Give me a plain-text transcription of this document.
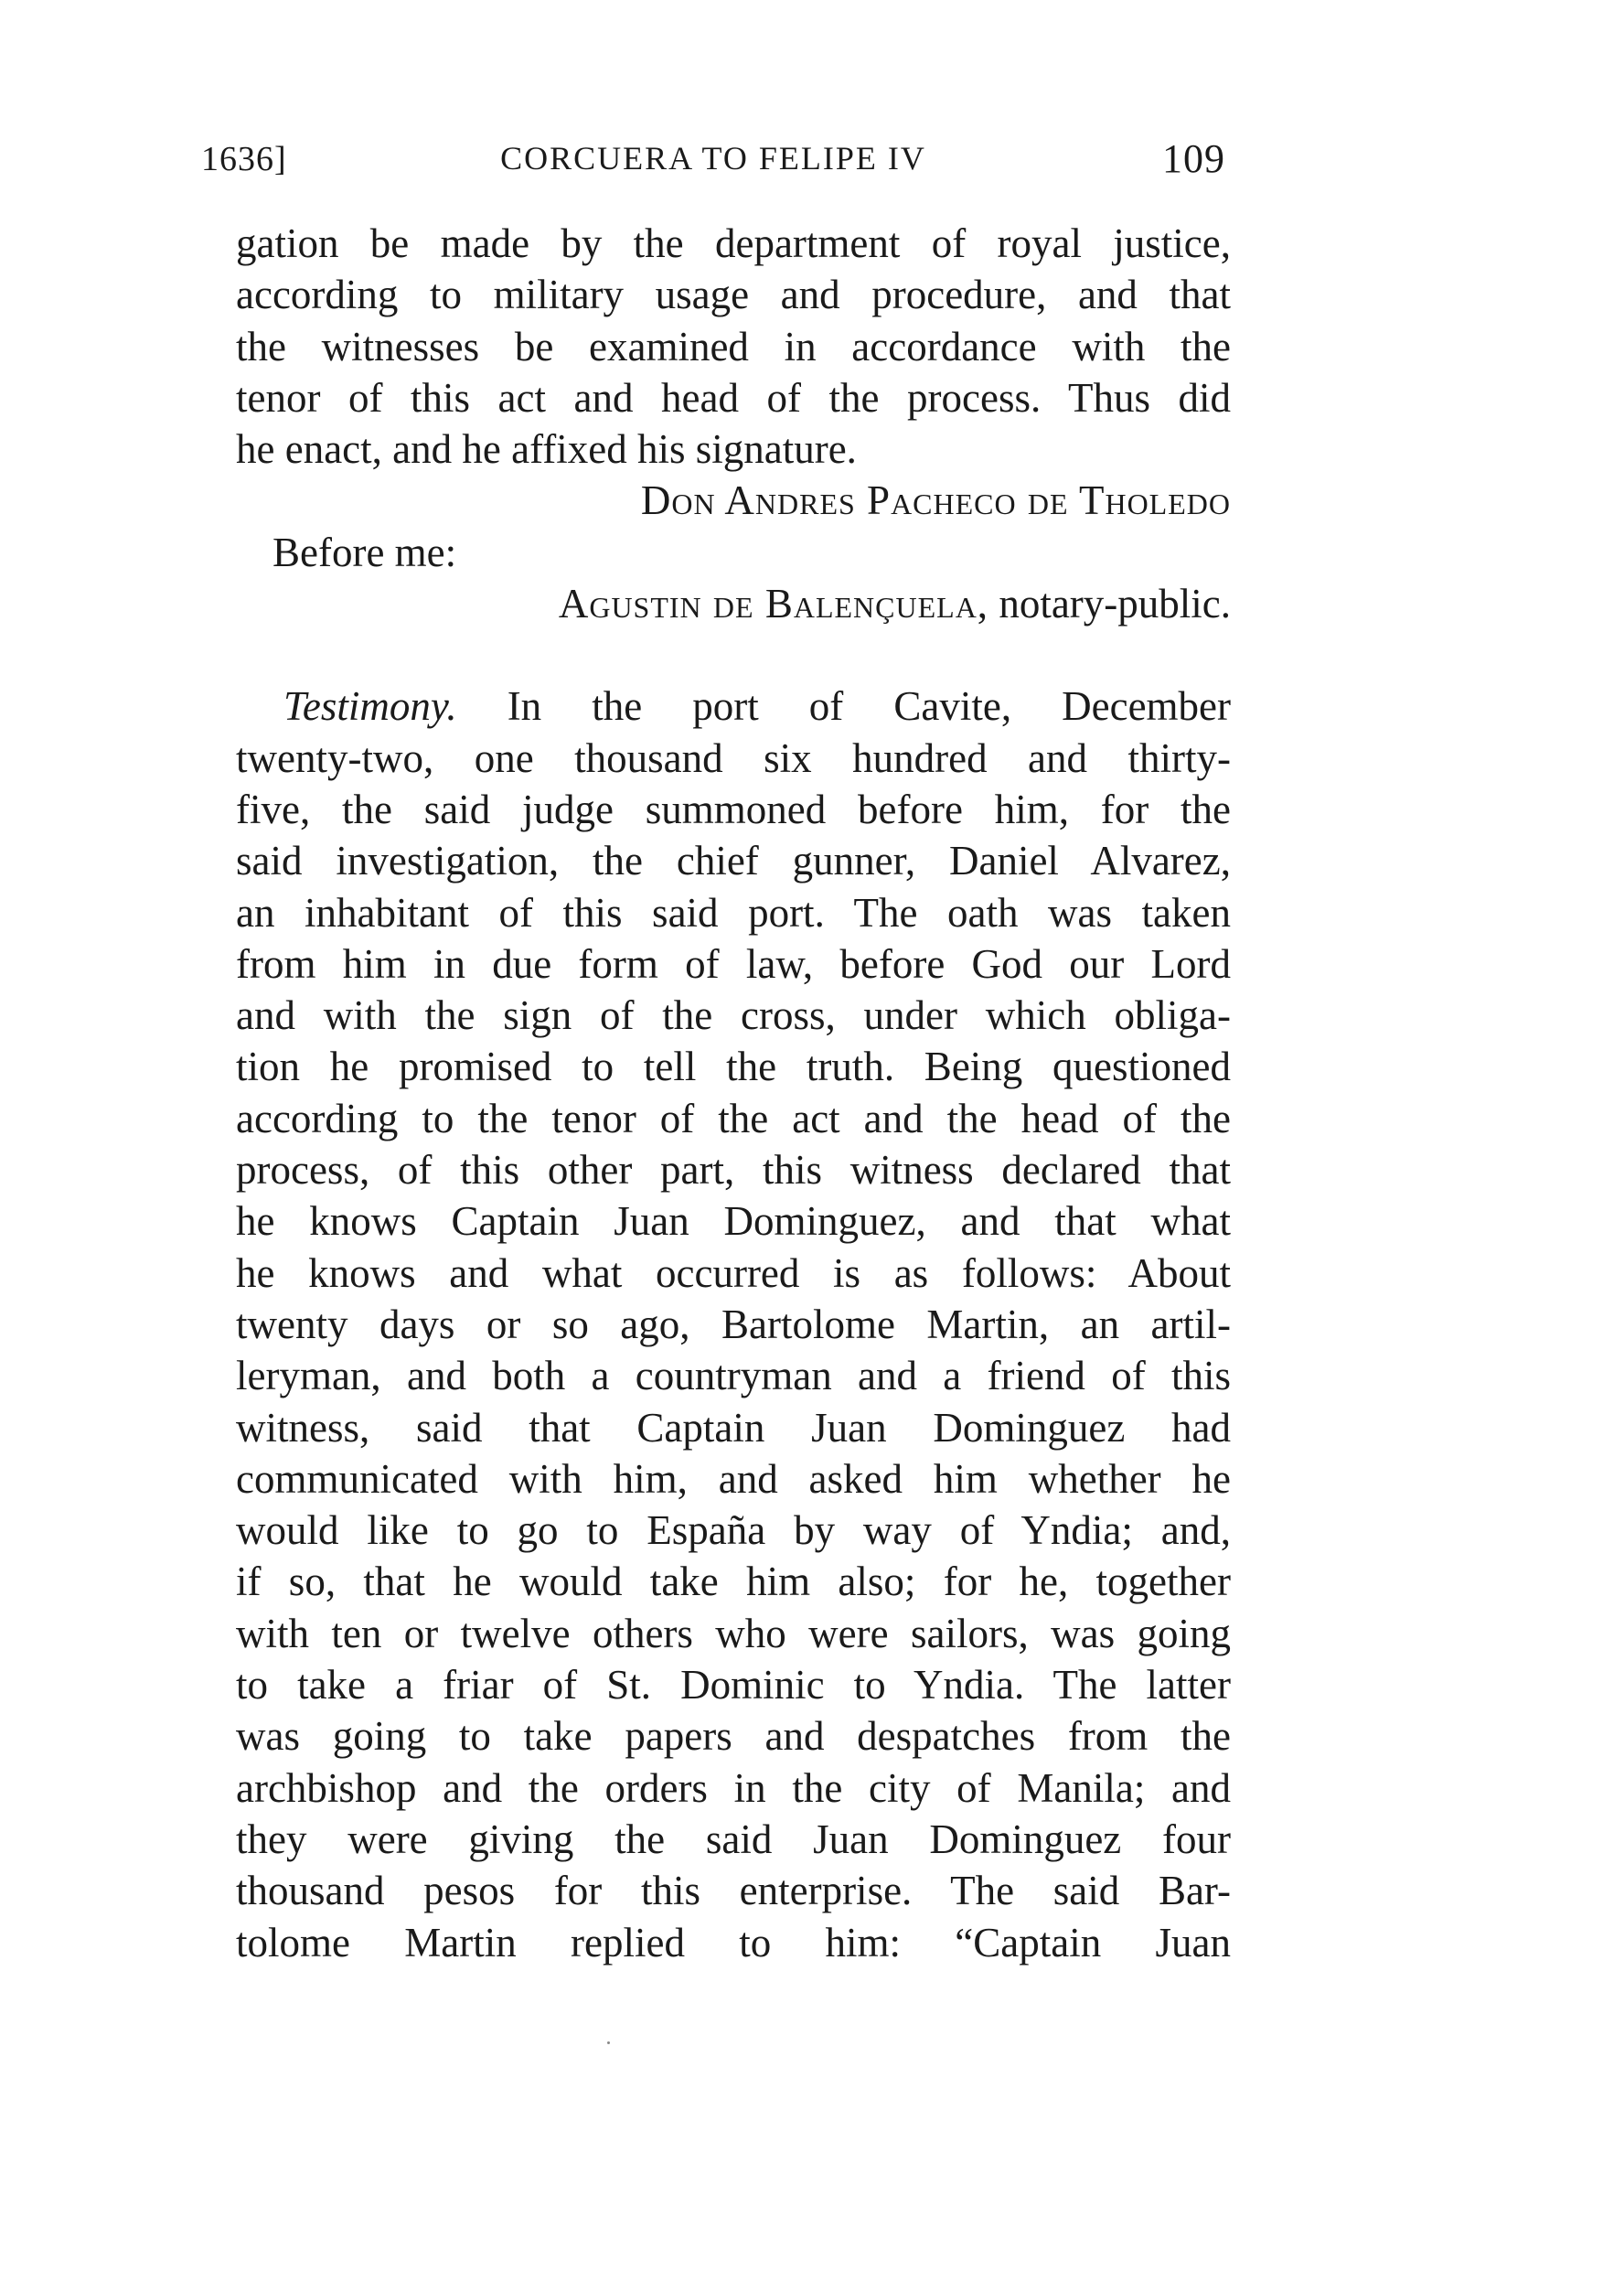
1636]	CORCUERA TO FELIPE IV	109
gation be made by the department of royal justice,
according to military usage and procedure, and that
the witnesses be examined in accordance with the
tenor of this act and head of the process. Thus did
he enact, and he affixed his signature.
Don Andres Pacheco de Tholedo
Before me:
Agustin de Balençuela, notary-public.
Testimony. In the port of Cavite, December
twenty-two, one thousand six hundred and thirty-
five, the said judge summoned before him, for the
said investigation, the chief gunner, Daniel Alvarez,
an inhabitant of this said port. The oath was taken
from him in due form of law, before God our Lord
and with the sign of the cross, under which obliga-
tion he promised to tell the truth. Being questioned
according to the tenor of the act and the head of the
process, of this other part, this witness declared that
he knows Captain Juan Dominguez, and that what
he knows and what occurred is as follows: About
twenty days or so ago, Bartolome Martin, an artil-
leryman, and both a countryman and a friend of this
witness, said that Captain Juan Dominguez had
communicated with him, and asked him whether he
would like to go to España by way of Yndia; and,
if so, that he would take him also; for he, together
with ten or twelve others who were sailors, was going
to take a friar of St. Dominic to Yndia. The latter
was going to take papers and despatches from the
archbishop and the orders in the city of Manila; and
they were giving the said Juan Dominguez four
thousand pesos for this enterprise. The said Bar-
tolome Martin replied to him: “Captain Juan
